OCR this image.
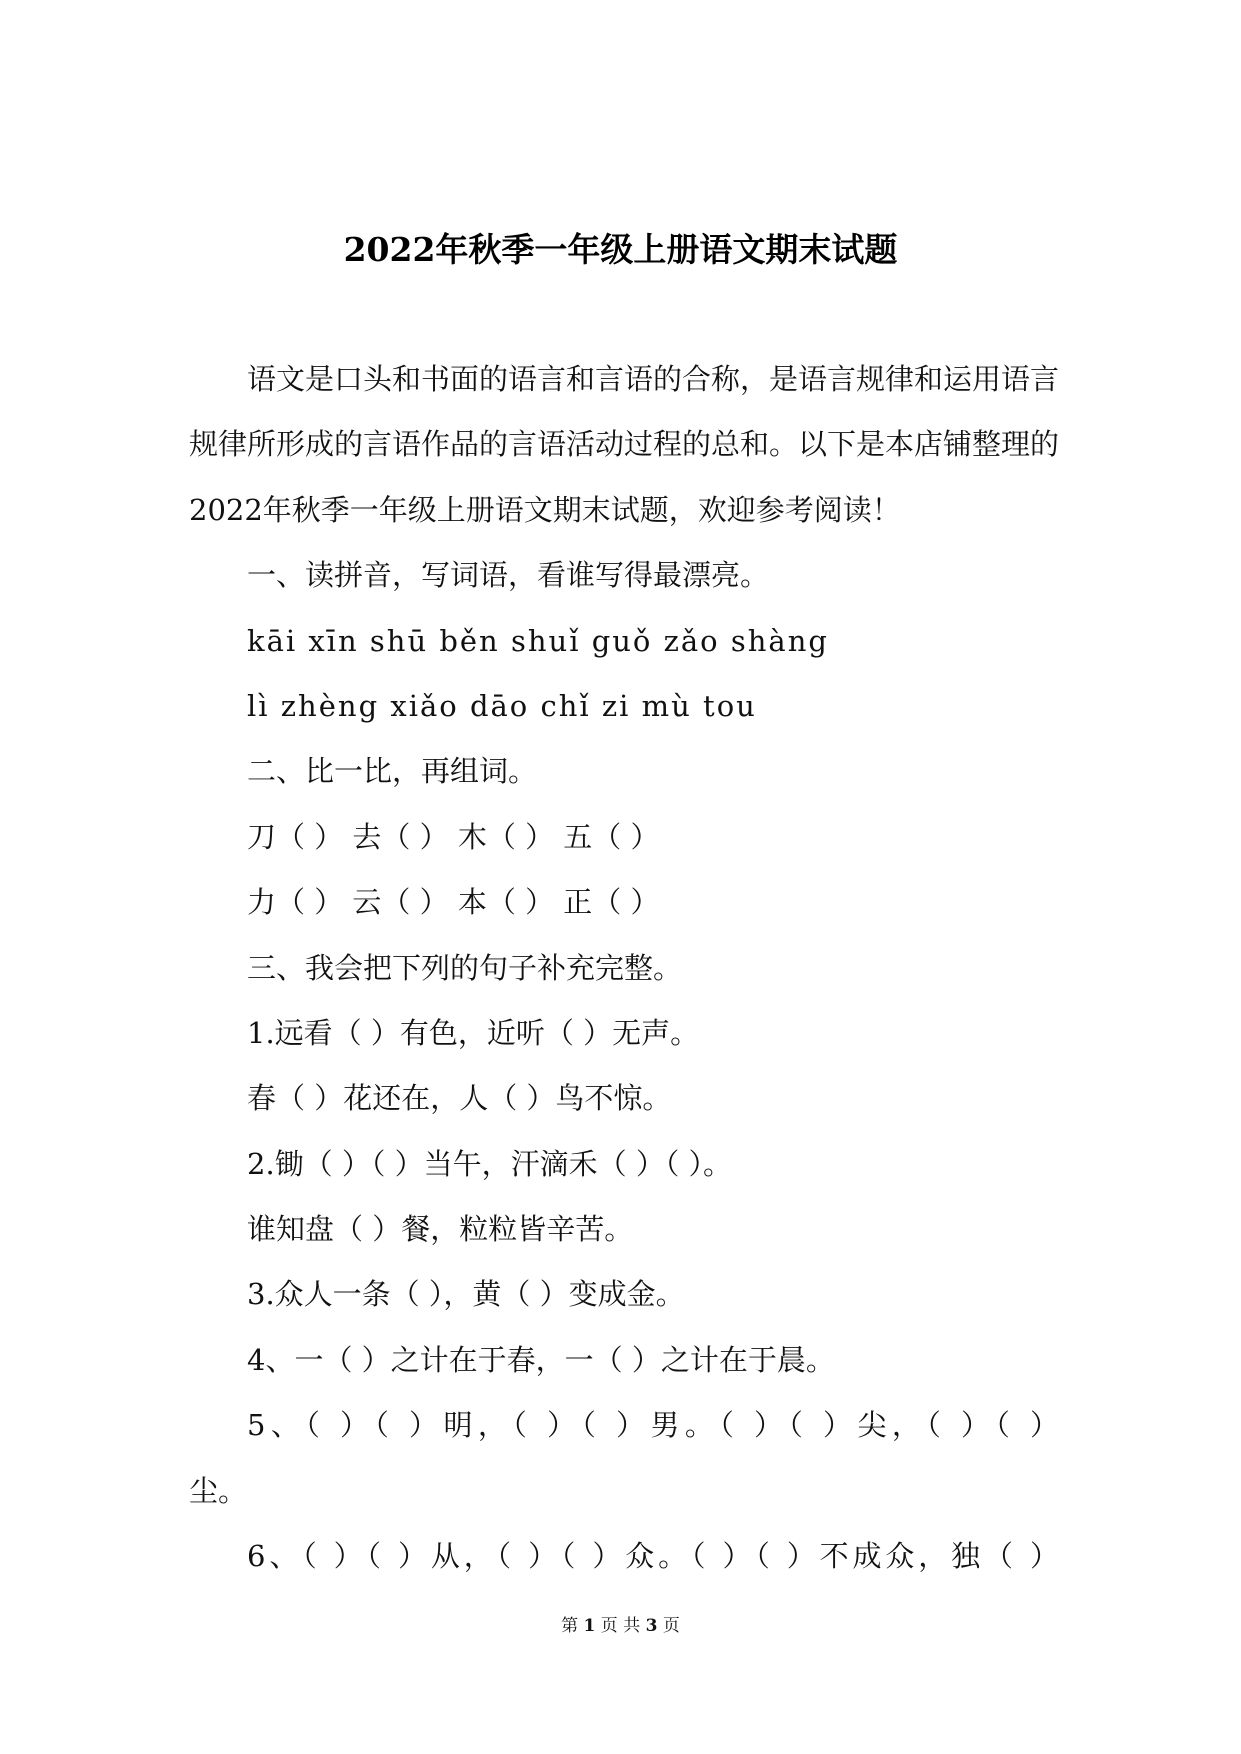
2022年秋季一年级上册语文期末试题
语文是口头和书面的语言和言语的合称，是语言规律和运用语言
规律所形成的言语作品的言语活动过程的总和。以下是本店铺整理的
2022年秋季一年级上册语文期末试题，欢迎参考阅读！
一、读拼音，写词语，看谁写得最漂亮。
kāi xīn shū běn shuǐ guǒ zǎo shàng
lì zhèng xiǎo dāo chǐ zi mù tou
二、比一比，再组词。
刀（ ） 去（ ） 木（ ） 五（ ）
力（ ） 云（ ） 本（ ） 正（ ）
三、我会把下列的句子补充完整。
1.远看（ ）有色，近听（ ）无声。
春（ ）花还在，人（ ）鸟不惊。
2.锄（ ）（ ）当午，汗滴禾（ ）（ ）。
谁知盘（ ）餐，粒粒皆辛苦。
3.众人一条（ ），黄（ ）变成金。
4、一（ ）之计在于春，一（ ）之计在于晨。
5、（ ）（ ）明，（ ）（ ）男。（ ）（ ）尖，（ ）（ ）
尘。
6、（ ）（ ）从，（ ）（ ）众。（ ）（ ）不成众，独（ ）
第 1 页 共 3 页
